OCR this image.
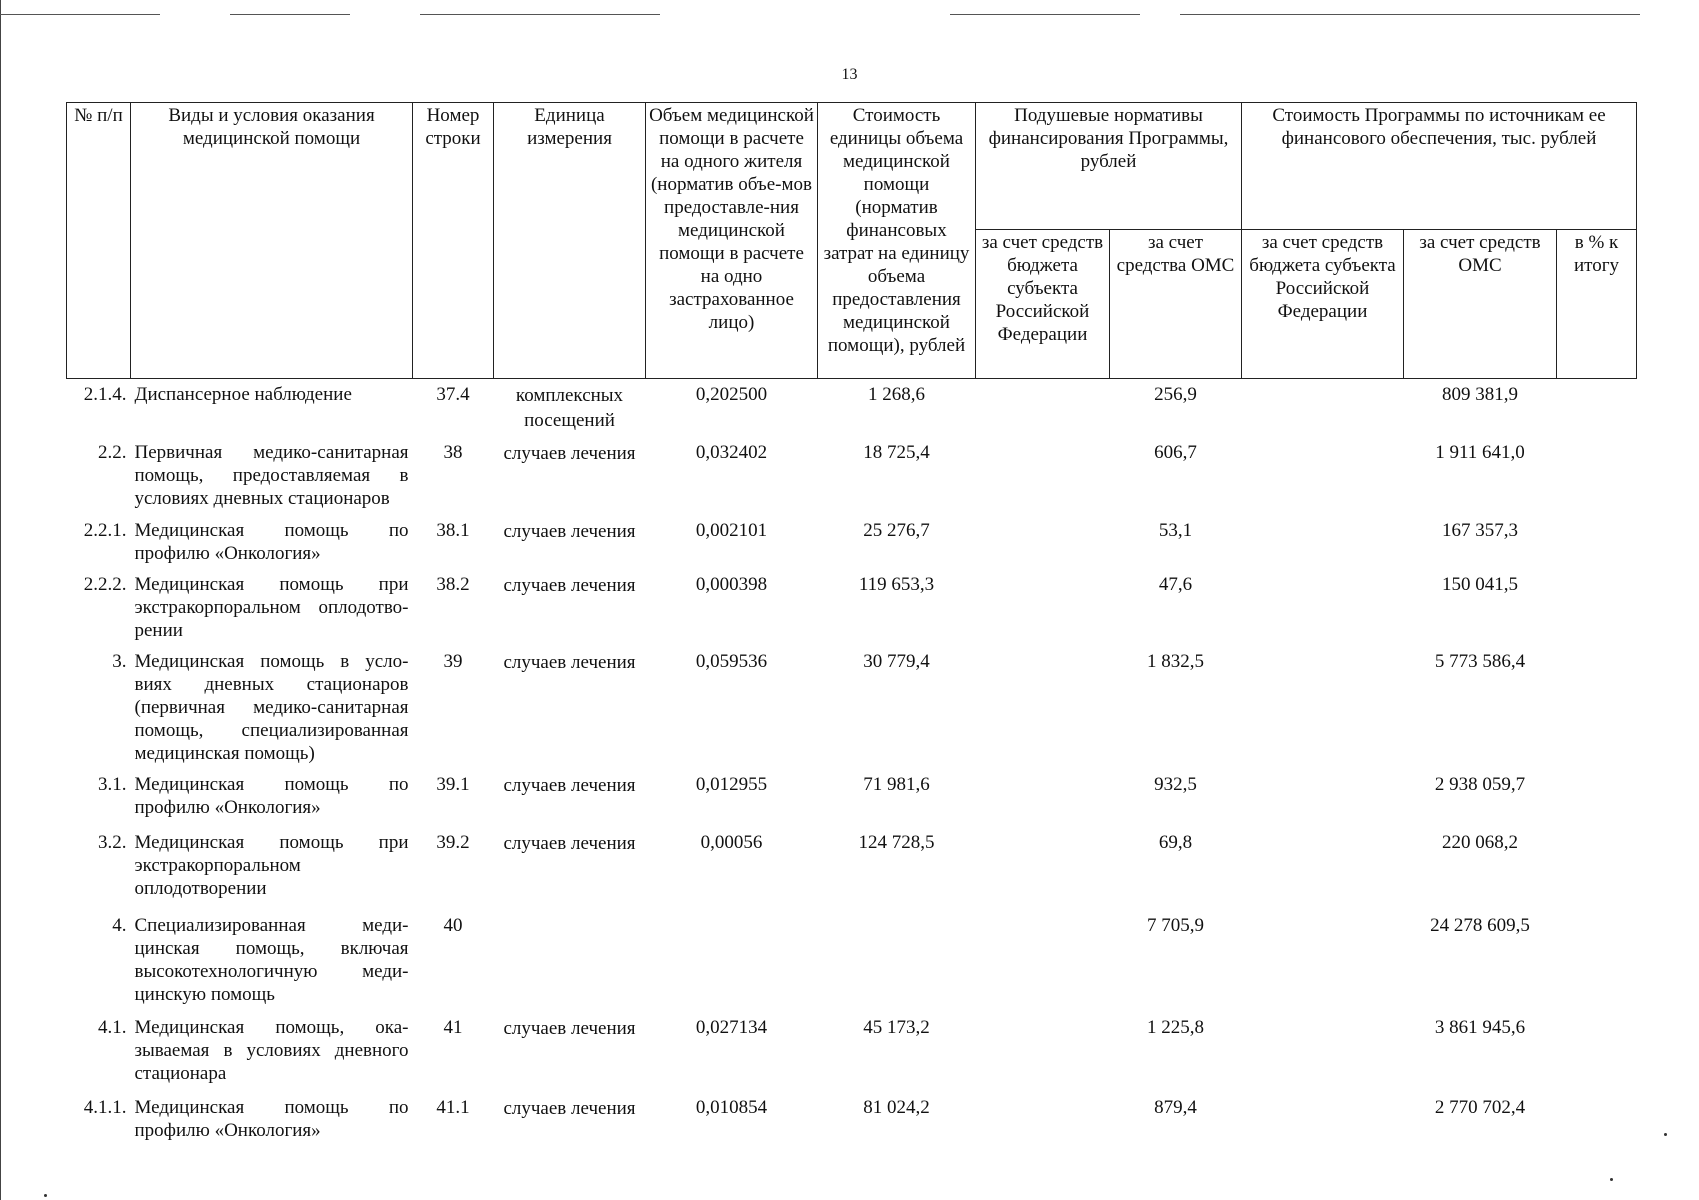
13
№ п/п	Виды и условия оказания медицинской помощи	Номер строки	Единица измерения	Объем медицинской помощи в расчете на одного жителя (норматив объе-мов предоставле-ния медицинской помощи в расчете на одно застрахованное лицо)	Стоимость единицы объема медицинской помощи (норматив финансовых затрат на единицу объема предоставления медицинской помощи), рублей	Подушевые нормативы финансирования Программы, рублей		Стоимость Программы по источникам ее финансового обеспечения, тыс. рублей		
						за счет средств бюджета субъекта Российской Федерации	за счет средства ОМС	за счет средств бюджета субъекта Российской Федерации	за счет средств ОМС	в % к итогу
2.1.4.	Диспансерное наблюдение	37.4	комплексных посещений	0,202500	1 268,6		256,9		809 381,9	
2.2.	Первичная медико-санитарная помощь, предоставляемая в условиях дневных стационаров	38	случаев лечения	0,032402	18 725,4		606,7		1 911 641,0	
2.2.1.	Медицинская помощь по профилю «Онкология»	38.1	случаев лечения	0,002101	25 276,7		53,1		167 357,3	
2.2.2.	Медицинская помощь при экстракорпоральном оплодотво-рении	38.2	случаев лечения	0,000398	119 653,3		47,6		150 041,5	
3.	Медицинская помощь в усло-виях дневных стационаров (первичная медико-санитарная помощь, специализированная медицинская помощь)	39	случаев лечения	0,059536	30 779,4		1 832,5		5 773 586,4	
3.1.	Медицинская помощь по профилю «Онкология»	39.1	случаев лечения	0,012955	71 981,6		932,5		2 938 059,7	
3.2.	Медицинская помощь при экстракорпоральном оплодотворении	39.2	случаев лечения	0,00056	124 728,5		69,8		220 068,2	
4.	Специализированная меди-цинская помощь, включая высокотехнологичную меди-цинскую помощь	40					7 705,9		24 278 609,5	
4.1.	Медицинская помощь, ока-зываемая в условиях дневного стационара	41	случаев лечения	0,027134	45 173,2		1 225,8		3 861 945,6	
4.1.1.	Медицинская помощь по профилю «Онкология»	41.1	случаев лечения	0,010854	81 024,2		879,4		2 770 702,4	
